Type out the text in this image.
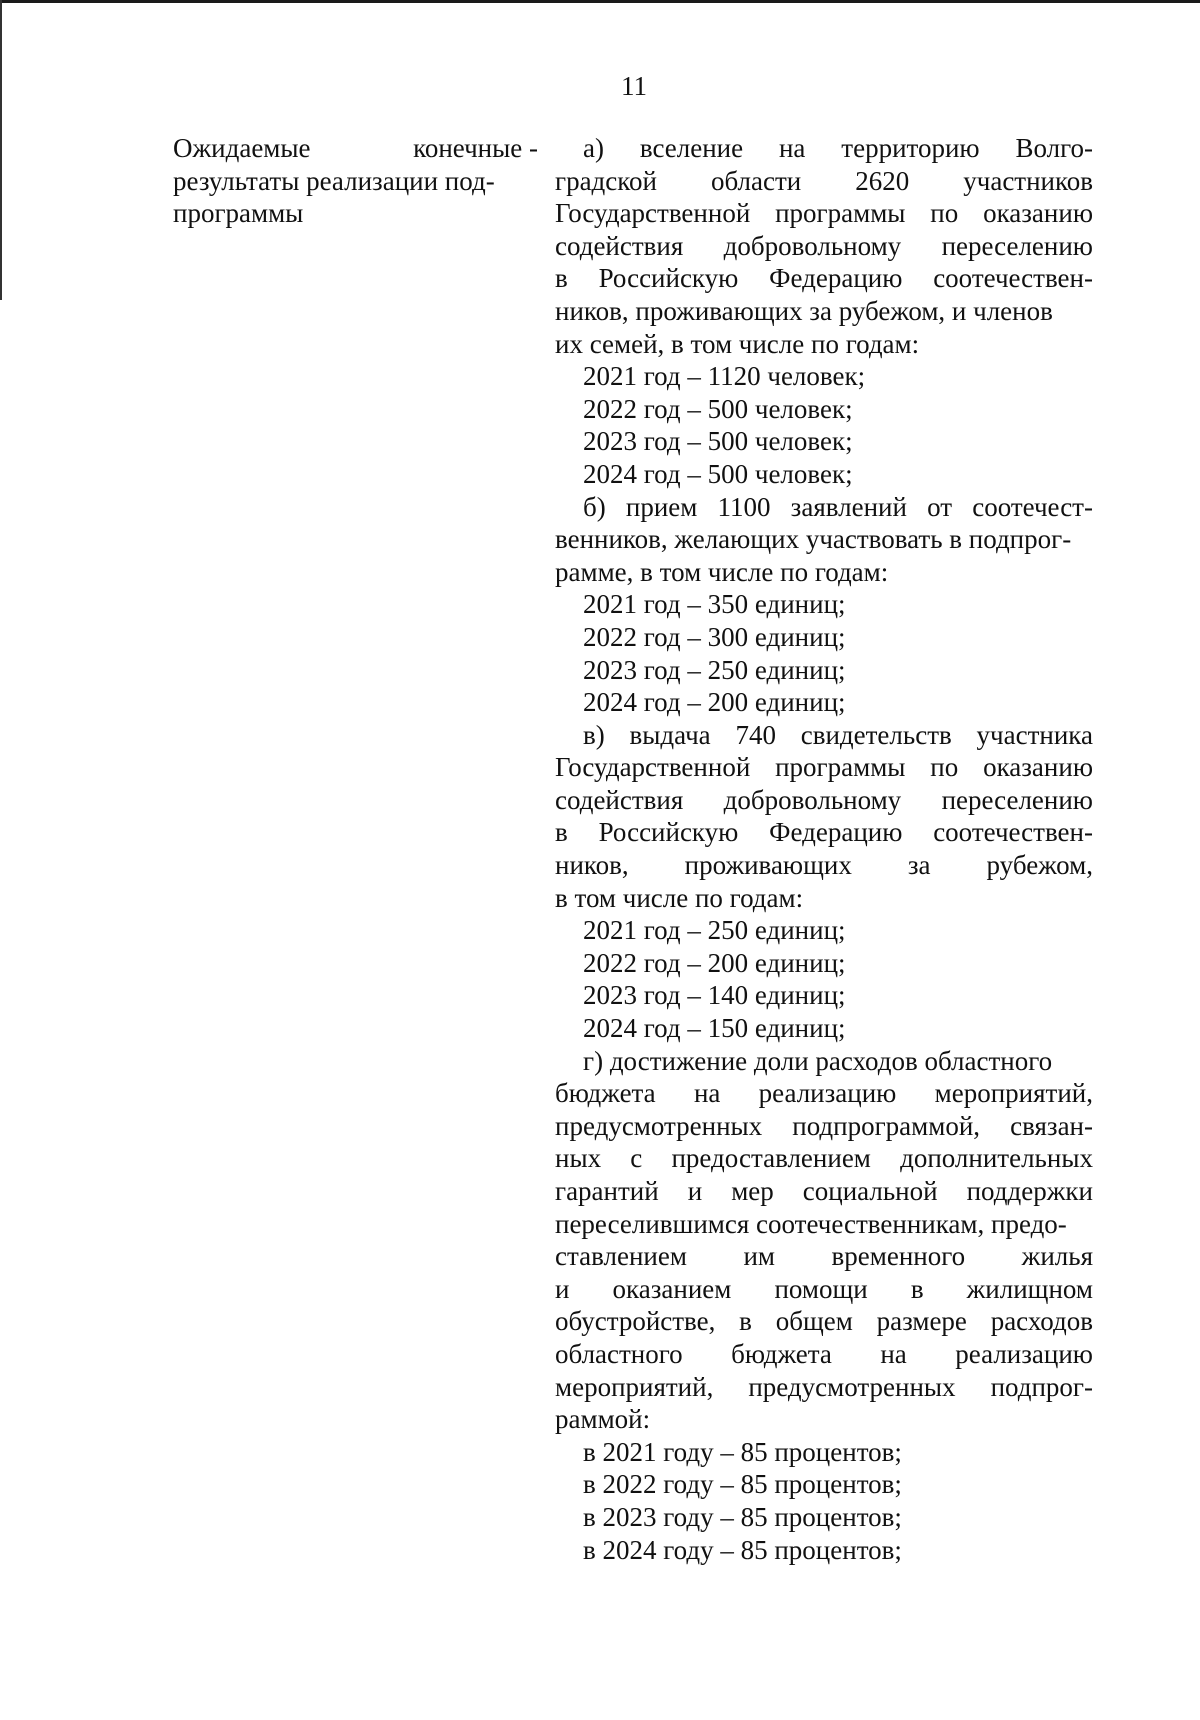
11
Ожидаемые	конечные -
результаты реализации под-
программы
а) вселение на территорию Волго-
градской области 2620 участников
Государственной программы по оказанию
содействия добровольному переселению
в Российскую Федерацию соотечествен-
ников, проживающих за рубежом, и членов
их семей, в том числе по годам:
2021 год – 1120 человек;
2022 год – 500 человек;
2023 год – 500 человек;
2024 год – 500 человек;
б) прием 1100 заявлений от соотечест-
венников, желающих участвовать в подпрог-
рамме, в том числе по годам:
2021 год – 350 единиц;
2022 год – 300 единиц;
2023 год – 250 единиц;
2024 год – 200 единиц;
в) выдача 740 свидетельств участника
Государственной программы по оказанию
содействия добровольному переселению
в Российскую Федерацию соотечествен-
ников, проживающих за рубежом,
в том числе по годам:
2021 год – 250 единиц;
2022 год – 200 единиц;
2023 год – 140 единиц;
2024 год – 150 единиц;
г) достижение доли расходов областного
бюджета на реализацию мероприятий,
предусмотренных подпрограммой, связан-
ных с предоставлением дополнительных
гарантий и мер социальной поддержки
переселившимся соотечественникам, предо-
ставлением им временного жилья
и оказанием помощи в жилищном
обустройстве, в общем размере расходов
областного бюджета на реализацию
мероприятий, предусмотренных подпрог-
раммой:
в 2021 году – 85 процентов;
в 2022 году – 85 процентов;
в 2023 году – 85 процентов;
в 2024 году – 85 процентов;
